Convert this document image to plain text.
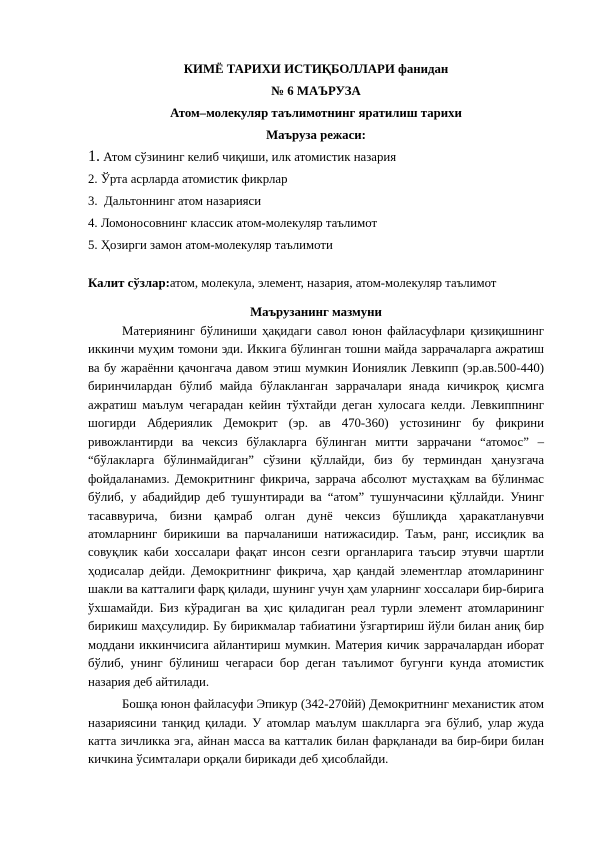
КИМЁ ТАРИХИ ИСТИҚБОЛЛАРИ фанидан
№ 6 МАЪРУЗА
Атом–молекуляр таълимотнинг яратилиш тарихи
Маъруза режаси:
1. Атом сўзининг келиб чиқиши, илк атомистик назария
2. Ўрта асрларда атомистик фикрлар
3. Дальтоннинг атом назарияси
4. Ломоносовнинг классик атом-молекуляр таълимот
5. Ҳозирги замон атом-молекуляр таълимоти
Калит сўзлар:атом, молекула, элемент, назария, атом-молекуляр таълимот
Маърузанинг мазмуни

Материянинг бўлиниши ҳақидаги савол юнон файласуфлари қизиқишнинг иккинчи муҳим томони эди. Иккига бўлинган тошни майда заррачаларга ажратиш ва бу жараённи қачонгача давом этиш мумкин Иониялик Левкипп (эр.ав.500-440) биринчилардан бўлиб майда бўлакланган заррачалари янада кичикроқ қисмга ажратиш маълум чегарадан кейин тўхтайди деган хулосага келди. Левкиппнинг шогирди Абдериялик Демокрит (эр. ав 470-360) устозининг бу фикрини ривожлантирди ва чексиз бўлакларга бўлинган митти заррачани “атомос” – “бўлакларга бўлинмайдиган” сўзини қўллайди, биз бу терминдан ҳанузгача фойдаланамиз. Демокритнинг фикрича, заррача абсолют мустаҳкам ва бўлинмас бўлиб, у абадийдир деб тушунтиради ва “атом” тушунчасини қўллайди. Унинг тасаввурича, бизни қамраб олган дунё чексиз бўшлиқда ҳаракатланувчи атомларнинг бирикиши ва парчаланиши натижасидир. Таъм, ранг, иссиқлик ва совуқлик каби хоссалари фақат инсон сезги органларига таъсир этувчи шартли ҳодисалар дейди. Демокритнинг фикрича, ҳар қандай элементлар атомларининг шакли ва катталиги фарқ қилади, шунинг учун ҳам уларнинг хоссалари бир-бирига ўхшамайди. Биз кўрадиган ва ҳис қиладиган реал турли элемент атомларининг бирикиш маҳсулидир. Бу бирикмалар табиатини ўзгартириш йўли билан аниқ бир моддани иккинчисига айлантириш мумкин. Материя кичик заррачалардан иборат бўлиб, унинг бўлиниш чегараси бор деган таълимот бугунги кунда атомистик назария деб айтилади.

Бошқа юнон файласуфи Эпикур (342-270йй) Демокритнинг механистик атом назариясини танқид қилади. У атомлар маълум шаклларга эга бўлиб, улар жуда катта зичликка эга, айнан масса ва катталик билан фарқланади ва бир-бири билан кичкина ўсимталари орқали бирикади деб ҳисоблайди.
